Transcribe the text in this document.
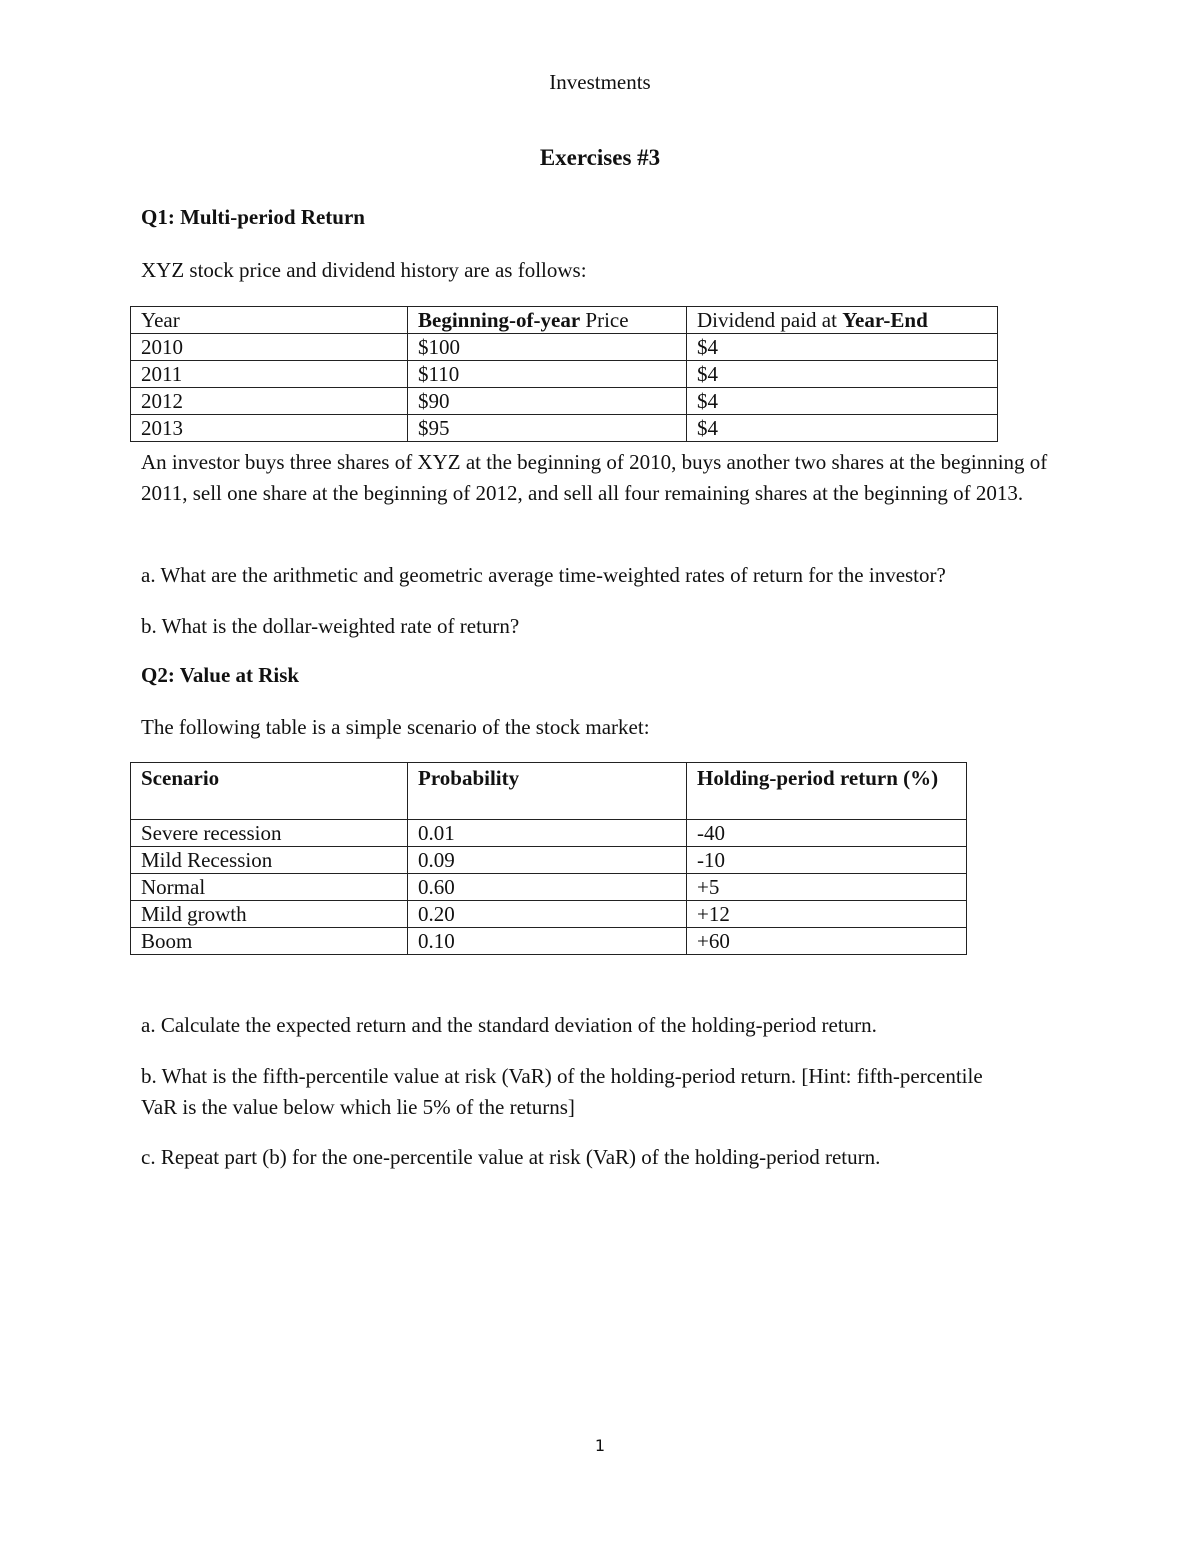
Investments
Exercises #3
Q1: Multi-period Return
XYZ stock price and dividend history are as follows:
Year	Beginning-of-year Price	Dividend paid at Year-End
2010	$100	$4
2011	$110	$4
2012	$90	$4
2013	$95	$4
An investor buys three shares of XYZ at the beginning of 2010, buys another two shares at the beginning of 2011, sell one share at the beginning of 2012, and sell all four remaining shares at the beginning of 2013.
a. What are the arithmetic and geometric average time-weighted rates of return for the investor?
b. What is the dollar-weighted rate of return?
Q2: Value at Risk
The following table is a simple scenario of the stock market:
Scenario	Probability	Holding-period return (%)
Severe recession	0.01	-40
Mild Recession	0.09	-10
Normal	0.60	+5
Mild growth	0.20	+12
Boom	0.10	+60
a. Calculate the expected return and the standard deviation of the holding-period return.
b. What is the fifth-percentile value at risk (VaR) of the holding-period return. [Hint: fifth-percentile VaR is the value below which lie 5% of the returns]
c. Repeat part (b) for the one-percentile value at risk (VaR) of the holding-period return.
1
